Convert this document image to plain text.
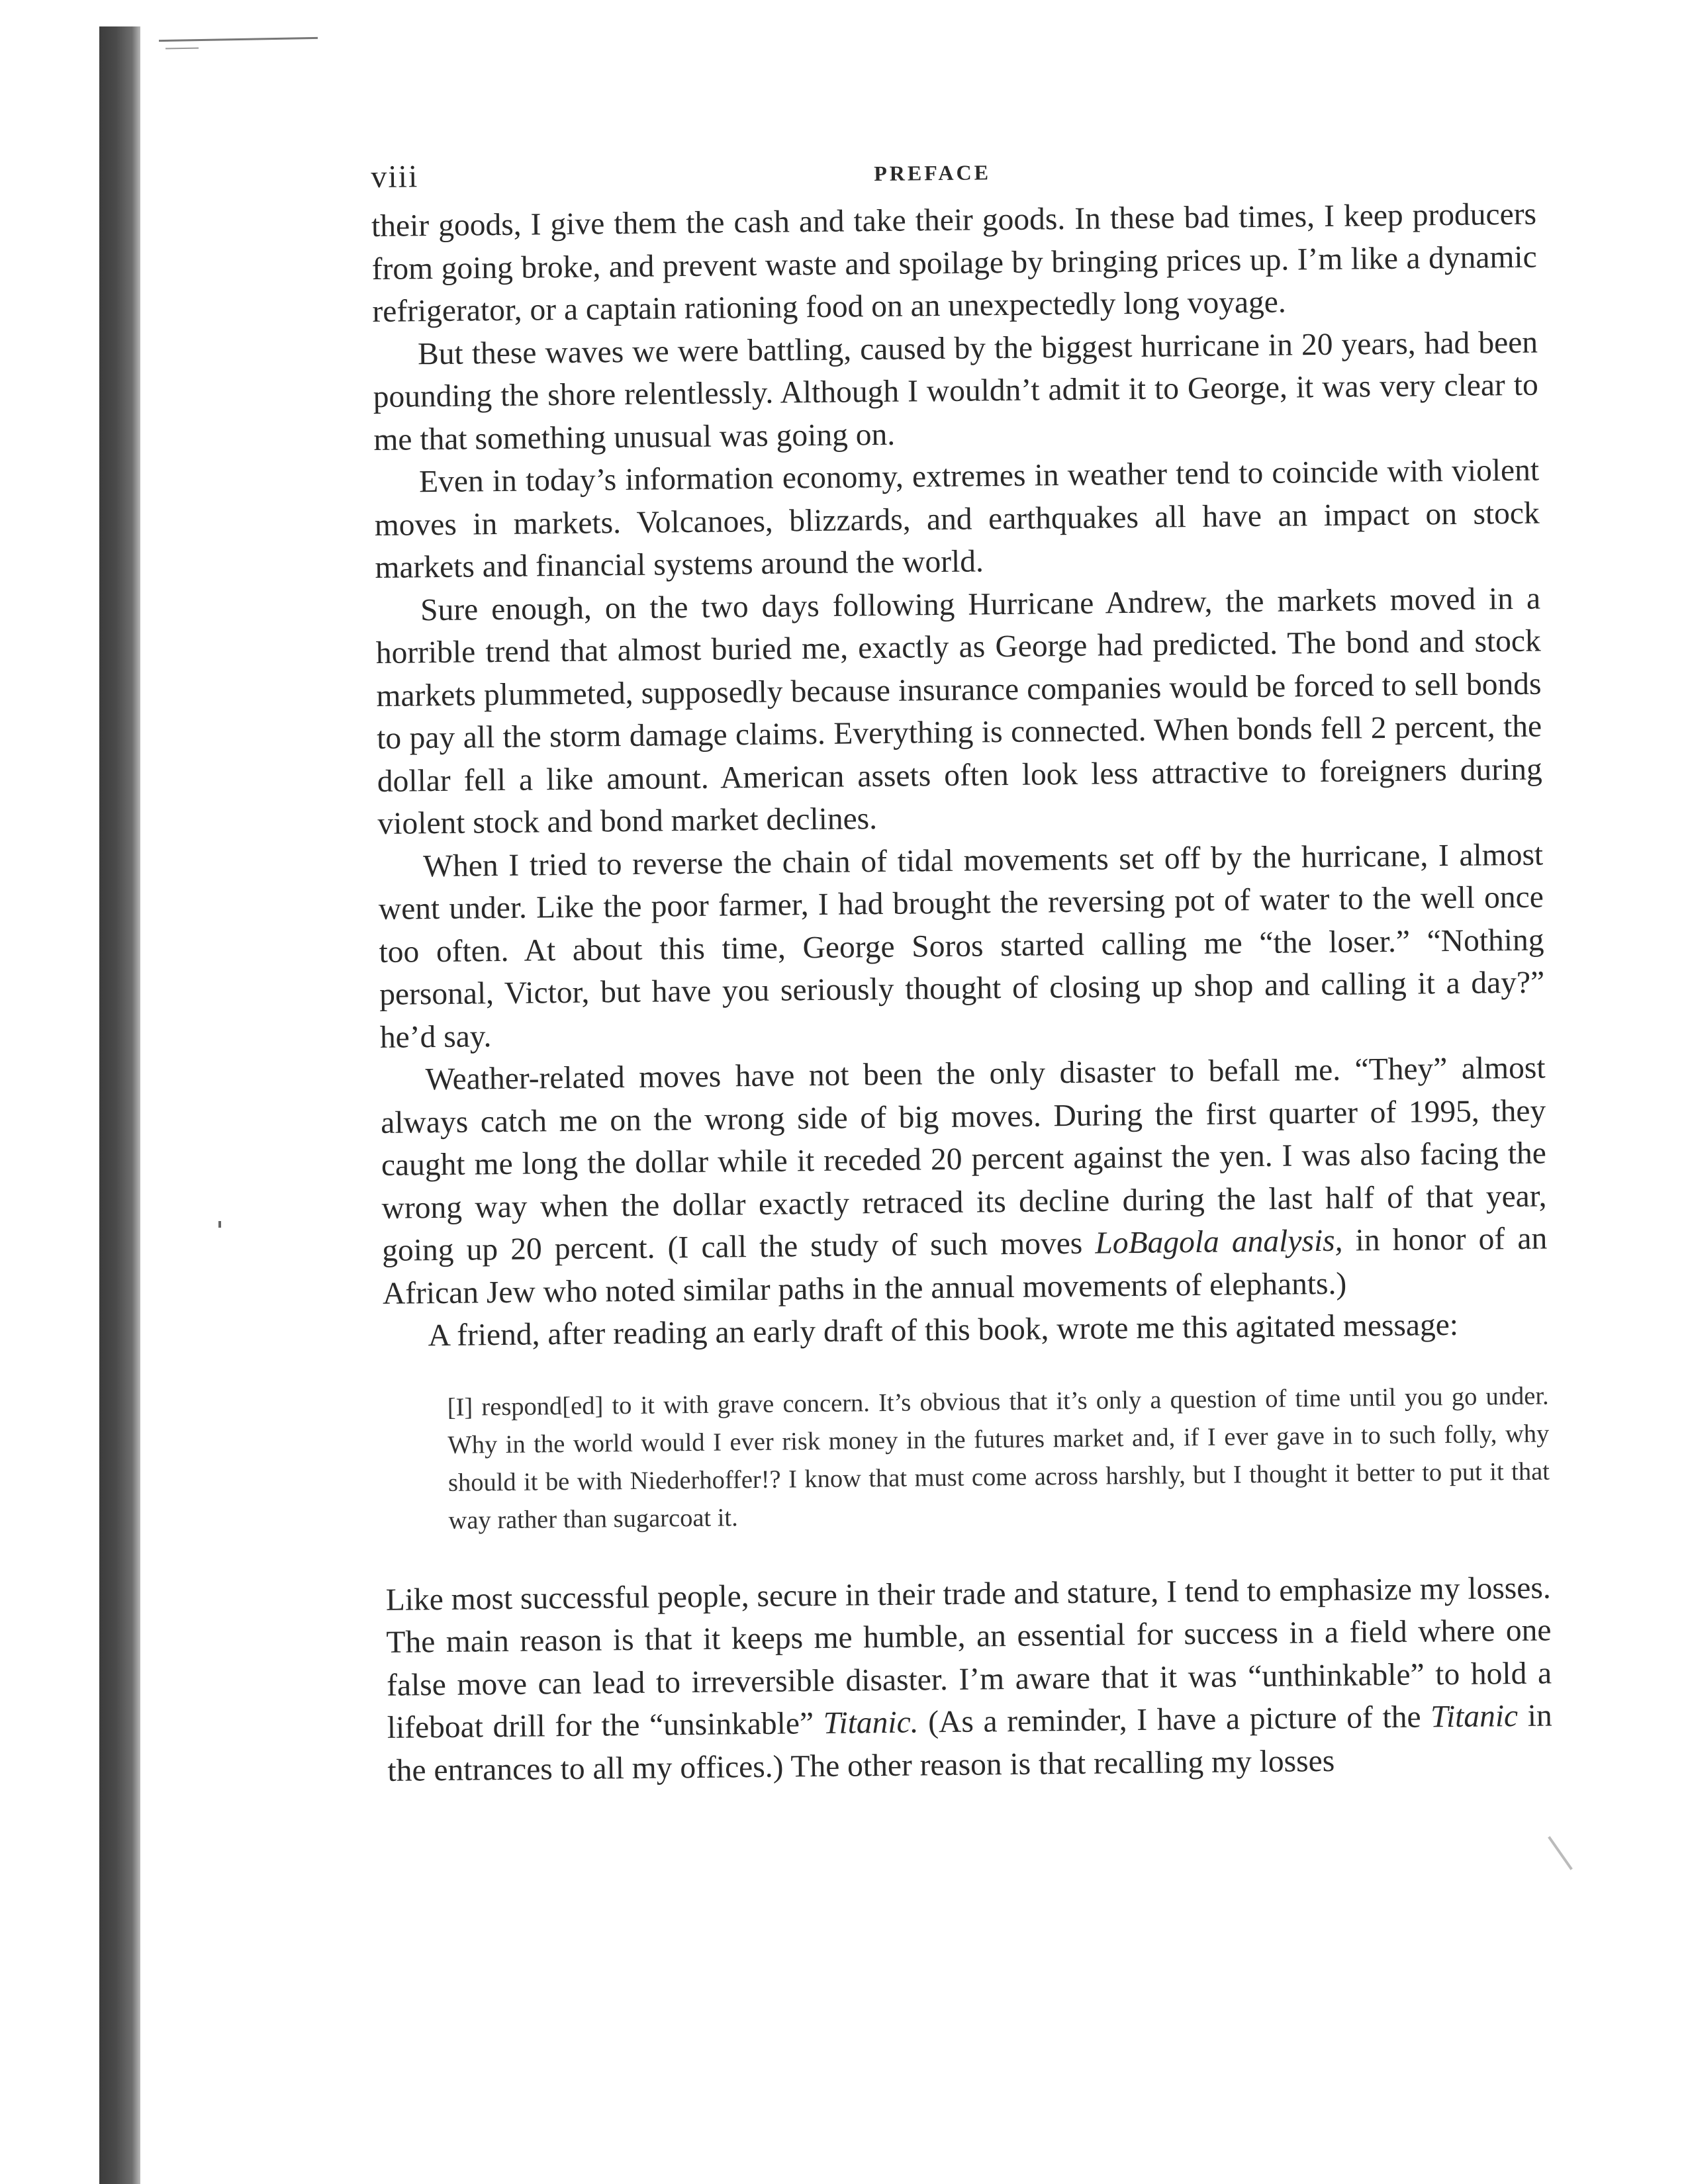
viii	PREFACE

their goods, I give them the cash and take their goods. In these bad times, I keep producers from going broke, and prevent waste and spoilage by bringing prices up. I’m like a dynamic refrigerator, or a captain rationing food on an unexpectedly long voyage.

But these waves we were battling, caused by the biggest hurricane in 20 years, had been pounding the shore relentlessly. Although I wouldn’t admit it to George, it was very clear to me that something unusual was going on.

Even in today’s information economy, extremes in weather tend to coincide with violent moves in markets. Volcanoes, blizzards, and earthquakes all have an impact on stock markets and financial systems around the world.

Sure enough, on the two days following Hurricane Andrew, the markets moved in a horrible trend that almost buried me, exactly as George had predicted. The bond and stock markets plummeted, supposedly because insurance companies would be forced to sell bonds to pay all the storm damage claims. Everything is connected. When bonds fell 2 percent, the dollar fell a like amount. American assets often look less attractive to foreigners during violent stock and bond market declines.

When I tried to reverse the chain of tidal movements set off by the hurricane, I almost went under. Like the poor farmer, I had brought the reversing pot of water to the well once too often. At about this time, George Soros started calling me “the loser.” “Nothing personal, Victor, but have you seriously thought of closing up shop and calling it a day?” he’d say.

Weather-related moves have not been the only disaster to befall me. “They” almost always catch me on the wrong side of big moves. During the first quarter of 1995, they caught me long the dollar while it receded 20 percent against the yen. I was also facing the wrong way when the dollar exactly retraced its decline during the last half of that year, going up 20 percent. (I call the study of such moves LoBagola analysis, in honor of an African Jew who noted similar paths in the annual movements of elephants.)

A friend, after reading an early draft of this book, wrote me this agitated message:

[I] respond[ed] to it with grave concern. It’s obvious that it’s only a question of time until you go under. Why in the world would I ever risk money in the futures market and, if I ever gave in to such folly, why should it be with Niederhoffer!? I know that must come across harshly, but I thought it better to put it that way rather than sugarcoat it.

Like most successful people, secure in their trade and stature, I tend to emphasize my losses. The main reason is that it keeps me humble, an essential for success in a field where one false move can lead to irreversible disaster. I’m aware that it was “unthinkable” to hold a lifeboat drill for the “unsinkable” Titanic. (As a reminder, I have a picture of the Titanic in the entrances to all my offices.) The other reason is that recalling my losses
